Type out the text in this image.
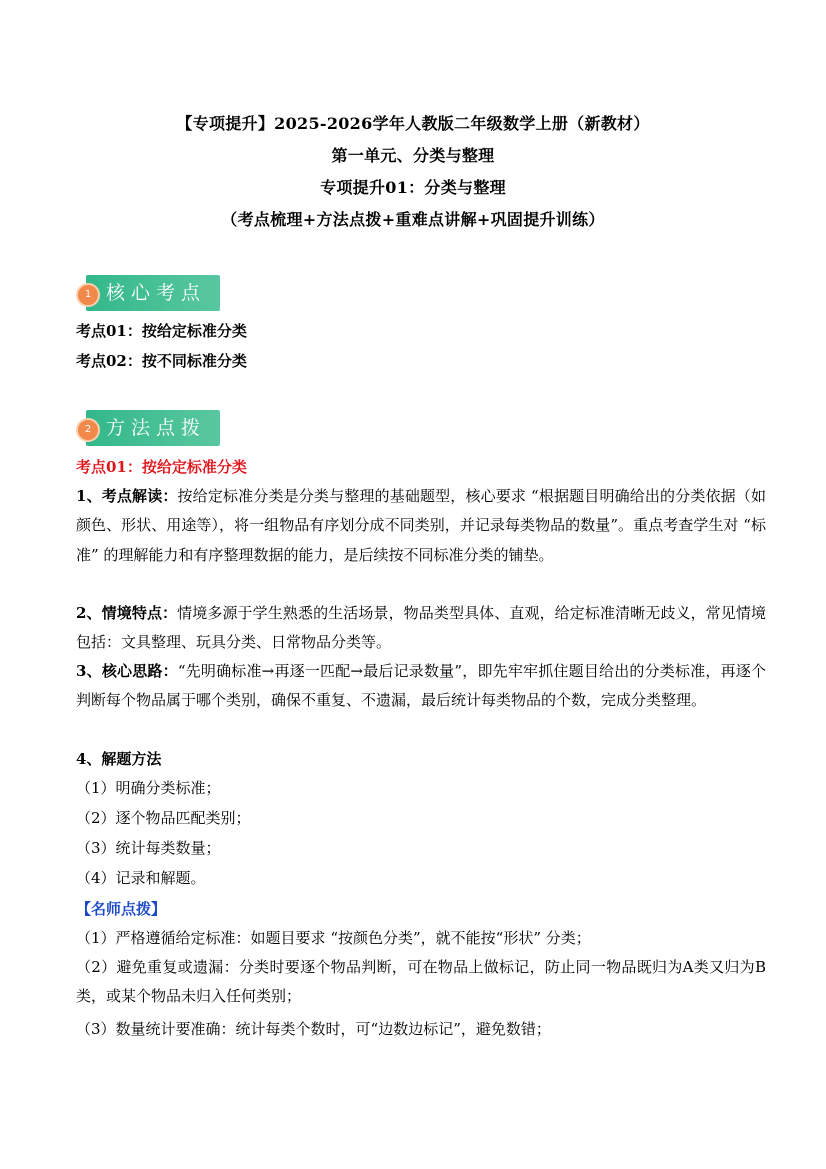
【专项提升】2025-2026学年人教版二年级数学上册（新教材）
第一单元、分类与整理
专项提升01：分类与整理
（考点梳理+方法点拨+重难点讲解+巩固提升训练）
核心考点
1
考点01：按给定标准分类
考点02：按不同标准分类
方法点拨
2
考点01：按给定标准分类
1、考点解读：按给定标准分类是分类与整理的基础题型，核心要求 “根据题目明确给出的分类依据（如颜色、形状、用途等），将一组物品有序划分成不同类别，并记录每类物品的数量”。重点考查学生对 “标准” 的理解能力和有序整理数据的能力，是后续按不同标准分类的铺垫。
2、情境特点：情境多源于学生熟悉的生活场景，物品类型具体、直观，给定标准清晰无歧义，常见情境包括：文具整理、玩具分类、日常物品分类等。
3、核心思路：“先明确标准→再逐一匹配→最后记录数量”，即先牢牢抓住题目给出的分类标准，再逐个判断每个物品属于哪个类别，确保不重复、不遗漏，最后统计每类物品的个数，完成分类整理。
4、解题方法
（1）明确分类标准；
（2）逐个物品匹配类别；
（3）统计每类数量；
（4）记录和解题。
【名师点拨】
（1）严格遵循给定标准：如题目要求 “按颜色分类”，就不能按“形状” 分类；
（2）避免重复或遗漏：分类时要逐个物品判断，可在物品上做标记，防止同一物品既归为A类又归为B类，或某个物品未归入任何类别；
（3）数量统计要准确：统计每类个数时，可“边数边标记”，避免数错；
